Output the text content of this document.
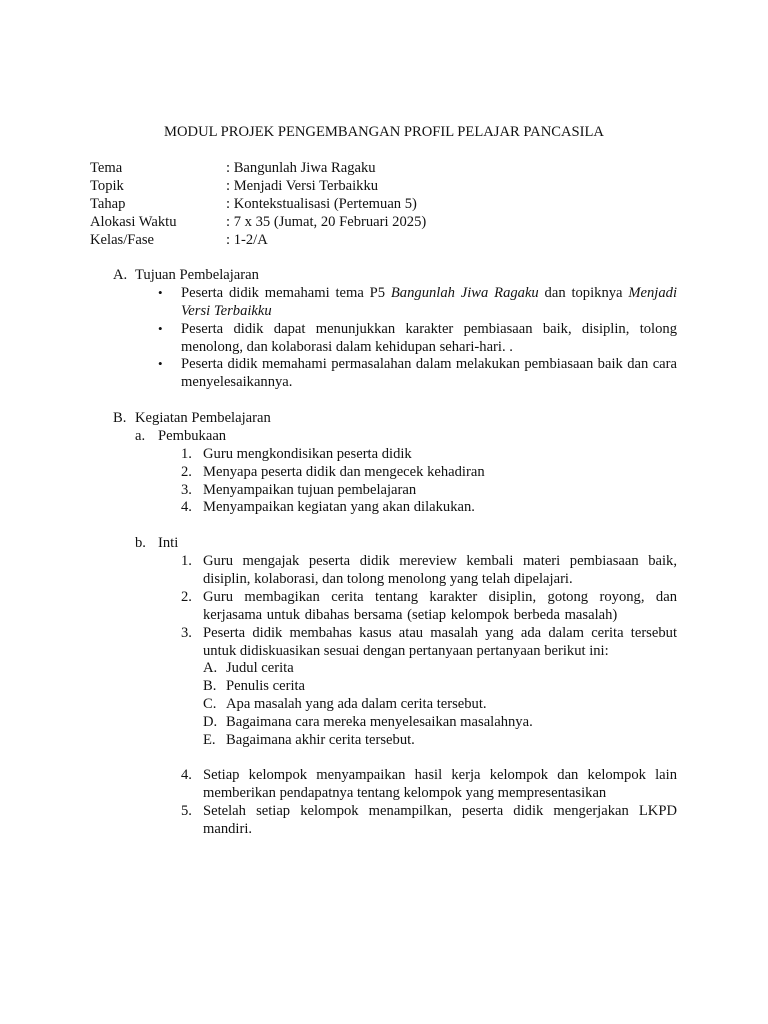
MODUL PROJEK PENGEMBANGAN PROFIL PELAJAR PANCASILA
Tema	: Bangunlah Jiwa Ragaku
Topik	: Menjadi Versi Terbaikku
Tahap	: Kontekstualisasi (Pertemuan 5)
Alokasi Waktu	: 7 x 35 (Jumat, 20 Februari 2025)
Kelas/Fase	: 1-2/A
A. Tujuan Pembelajaran
• Peserta didik memahami tema P5 Bangunlah Jiwa Ragaku dan topiknya Menjadi Versi Terbaikku
• Peserta didik dapat menunjukkan karakter pembiasaan baik, disiplin, tolong menolong, dan kolaborasi dalam kehidupan sehari-hari. .
• Peserta didik memahami permasalahan dalam melakukan pembiasaan baik dan cara menyelesaikannya.
B. Kegiatan Pembelajaran
a. Pembukaan
1. Guru mengkondisikan peserta didik
2. Menyapa peserta didik dan mengecek kehadiran
3. Menyampaikan tujuan pembelajaran
4. Menyampaikan kegiatan yang akan dilakukan.
b. Inti
1. Guru mengajak peserta didik mereview kembali materi pembiasaan baik, disiplin, kolaborasi, dan tolong menolong yang telah dipelajari.
2. Guru membagikan cerita tentang karakter disiplin, gotong royong, dan kerjasama untuk dibahas bersama (setiap kelompok berbeda masalah)
3. Peserta didik membahas kasus atau masalah yang ada dalam cerita tersebut untuk didiskuasikan sesuai dengan pertanyaan pertanyaan berikut ini:
A. Judul cerita
B. Penulis cerita
C. Apa masalah yang ada dalam cerita tersebut.
D. Bagaimana cara mereka menyelesaikan masalahnya.
E. Bagaimana akhir cerita tersebut.
4. Setiap kelompok menyampaikan hasil kerja kelompok dan kelompok lain memberikan pendapatnya tentang kelompok yang mempresentasikan
5. Setelah setiap kelompok menampilkan, peserta didik mengerjakan LKPD mandiri.
